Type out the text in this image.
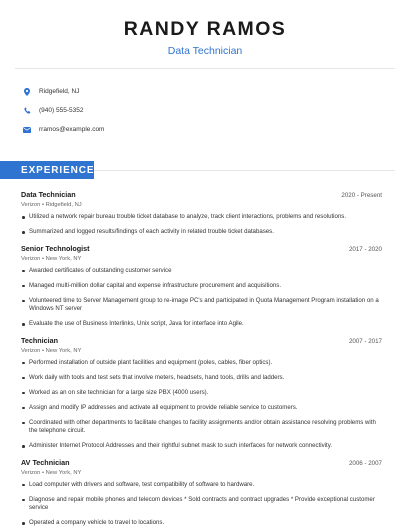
RANDY RAMOS
Data Technician
Ridgefield, NJ
(940) 555-5352
rramos@example.com
EXPERIENCE
Data Technician	2020 - Present
Verizon • Ridgefield, NJ
Utilized a network repair bureau trouble ticket database to analyze, track client interactions, problems and resolutions.
Summarized and logged results/findings of each activity in related trouble ticket databases.
Senior Technologist	2017 - 2020
Verizon • New York, NY
Awarded certificates of outstanding customer service
Managed multi-million dollar capital and expense infrastructure procurement and acquisitions.
Volunteered time to Server Management group to re-image PC's and participated in Quota Management Program installation on a Windows NT server
Evaluate the use of Business Interlinks, Unix script, Java for interface into Agile.
Technician	2007 - 2017
Verizon • New York, NY
Performed installation of outside plant facilities and equipment (poles, cables, fiber optics).
Work daily with tools and test sets that involve meters, headsets, hand tools, drills and ladders.
Worked as an on site technician for a large size PBX (4000 users).
Assign and modify IP addresses and activate all equipment to provide reliable service to customers.
Coordinated with other departments to facilitate changes to facility assignments and/or obtain assistance resolving problems with the telephone circuit.
Administer Internet Protocol Addresses and their rightful subnet mask to such interfaces for network connectivity.
AV Technician	2006 - 2007
Verizon • New York, NY
Load computer with drivers and software, test compatibility of software to hardware.
Diagnose and repair mobile phones and telecom devices * Sold contracts and contract upgrades * Provide exceptional customer service
Operated a company vehicle to travel to locations.
